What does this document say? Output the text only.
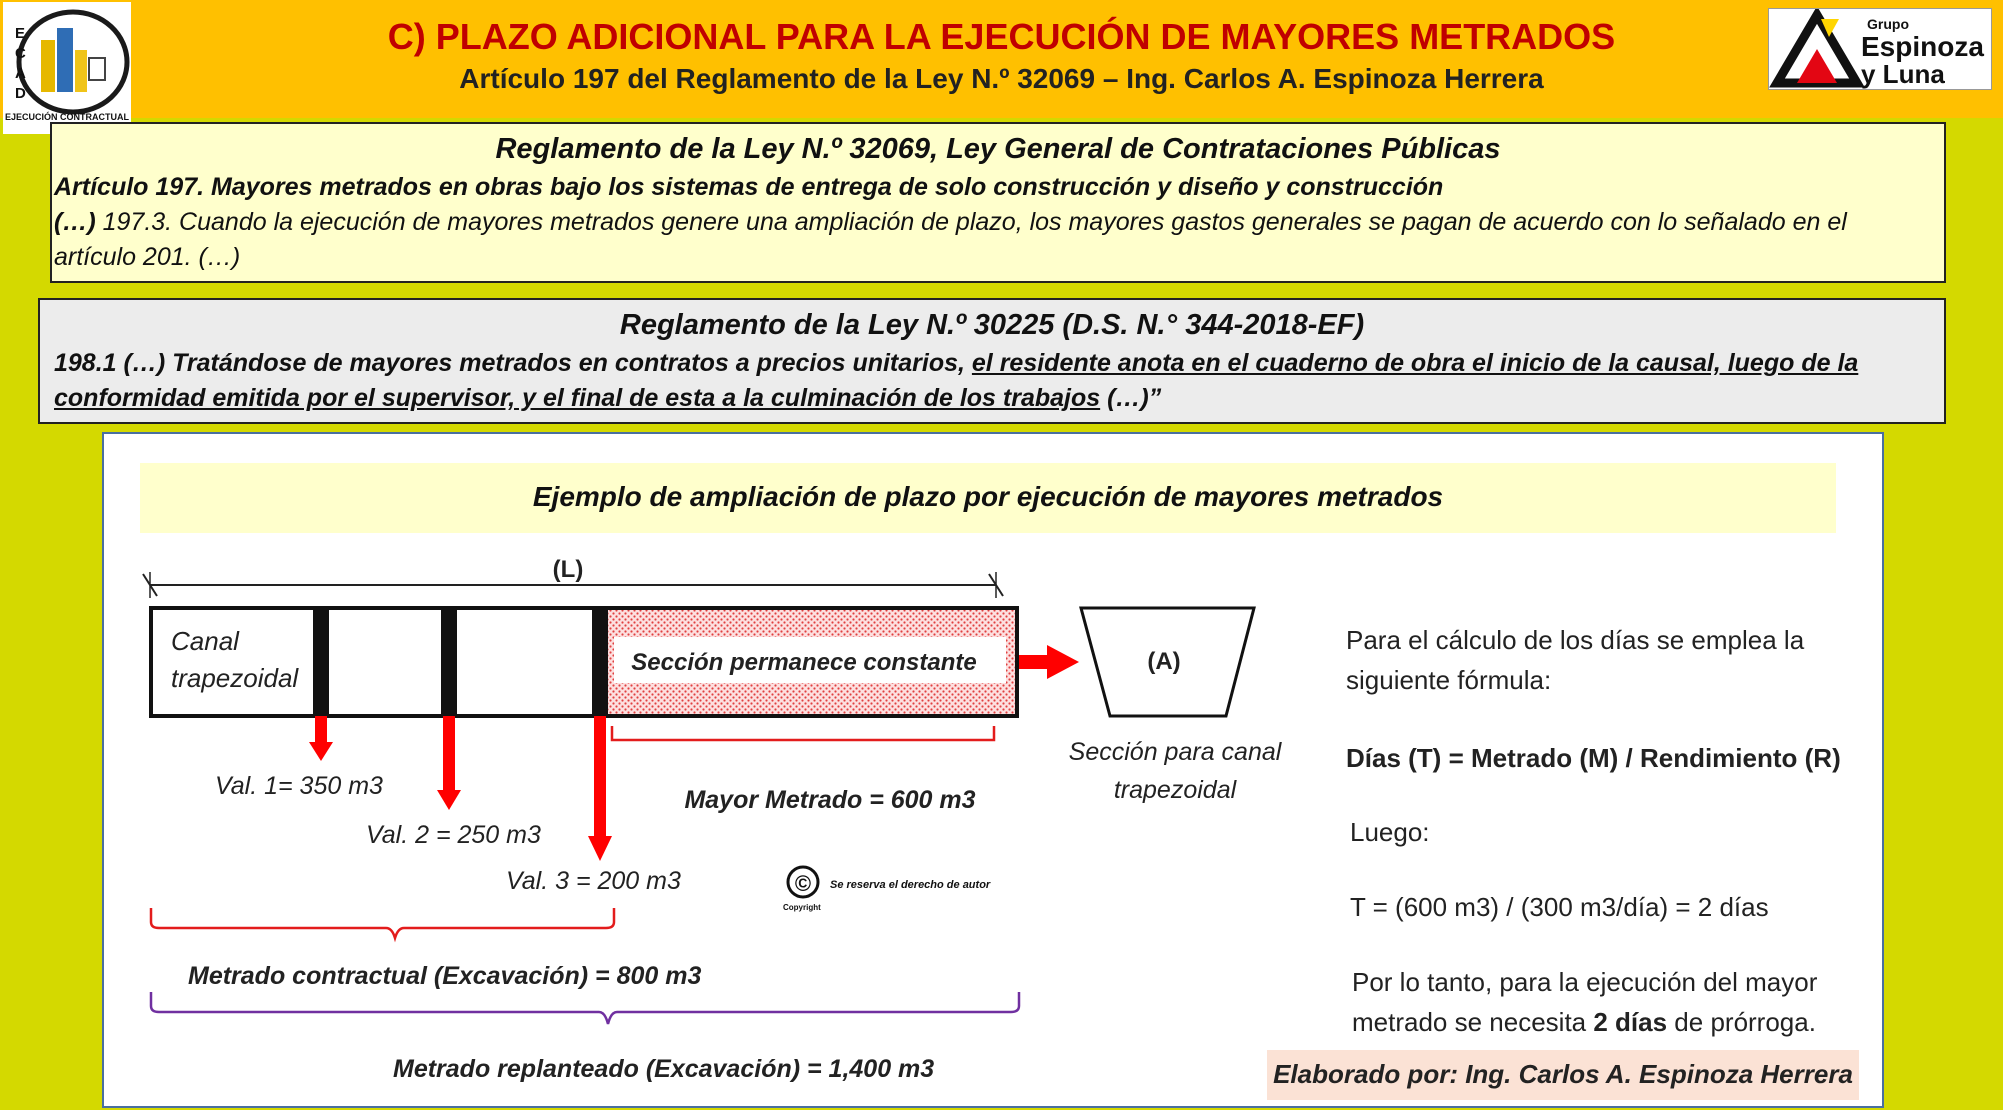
C) PLAZO ADICIONAL PARA LA EJECUCIÓN DE MAYORES METRADOS
Artículo 197 del Reglamento de la Ley N.º 32069 – Ing. Carlos A. Espinoza Herrera
E
C
A
D
EJECUCIÓN CONTRACTUAL
Grupo
Espinoza
y Luna
Reglamento de la Ley N.º 32069, Ley General de Contrataciones Públicas
Artículo 197. Mayores metrados en obras bajo los sistemas de entrega de solo construcción y diseño y construcción
(…) 197.3. Cuando la ejecución de mayores metrados genere una ampliación de plazo, los mayores gastos generales se pagan de acuerdo con lo señalado en el
artículo 201. (…)
Reglamento de la Ley N.º 30225 (D.S. N.° 344-2018-EF)
198.1 (…) Tratándose de mayores metrados en contratos a precios unitarios, el residente anota en el cuaderno de obra el inicio de la causal, luego de la
conformidad emitida por el supervisor, y el final de esta a la culminación de los trabajos (…)”
Ejemplo de ampliación de plazo por ejecución de mayores metrados
(L)
Canal
trapezoidal
Sección permanece constante	(A)
Sección para canal
trapezoidal
Val. 1= 350 m3
Val. 2 = 250 m3
Val. 3 = 200 m3
Mayor Metrado = 600 m3
©
Copyright
Se reserva el derecho de autor
Metrado contractual (Excavación) = 800 m3
Metrado replanteado (Excavación) = 1,400 m3
Para el cálculo de los días se emplea la
siguiente fórmula:
Días (T) = Metrado (M) / Rendimiento (R)
Luego:
T = (600 m3) / (300 m3/día) = 2 días
Por lo tanto, para la ejecución del mayor
metrado se necesita 2 días de prórroga.
Elaborado por: Ing. Carlos A. Espinoza Herrera
